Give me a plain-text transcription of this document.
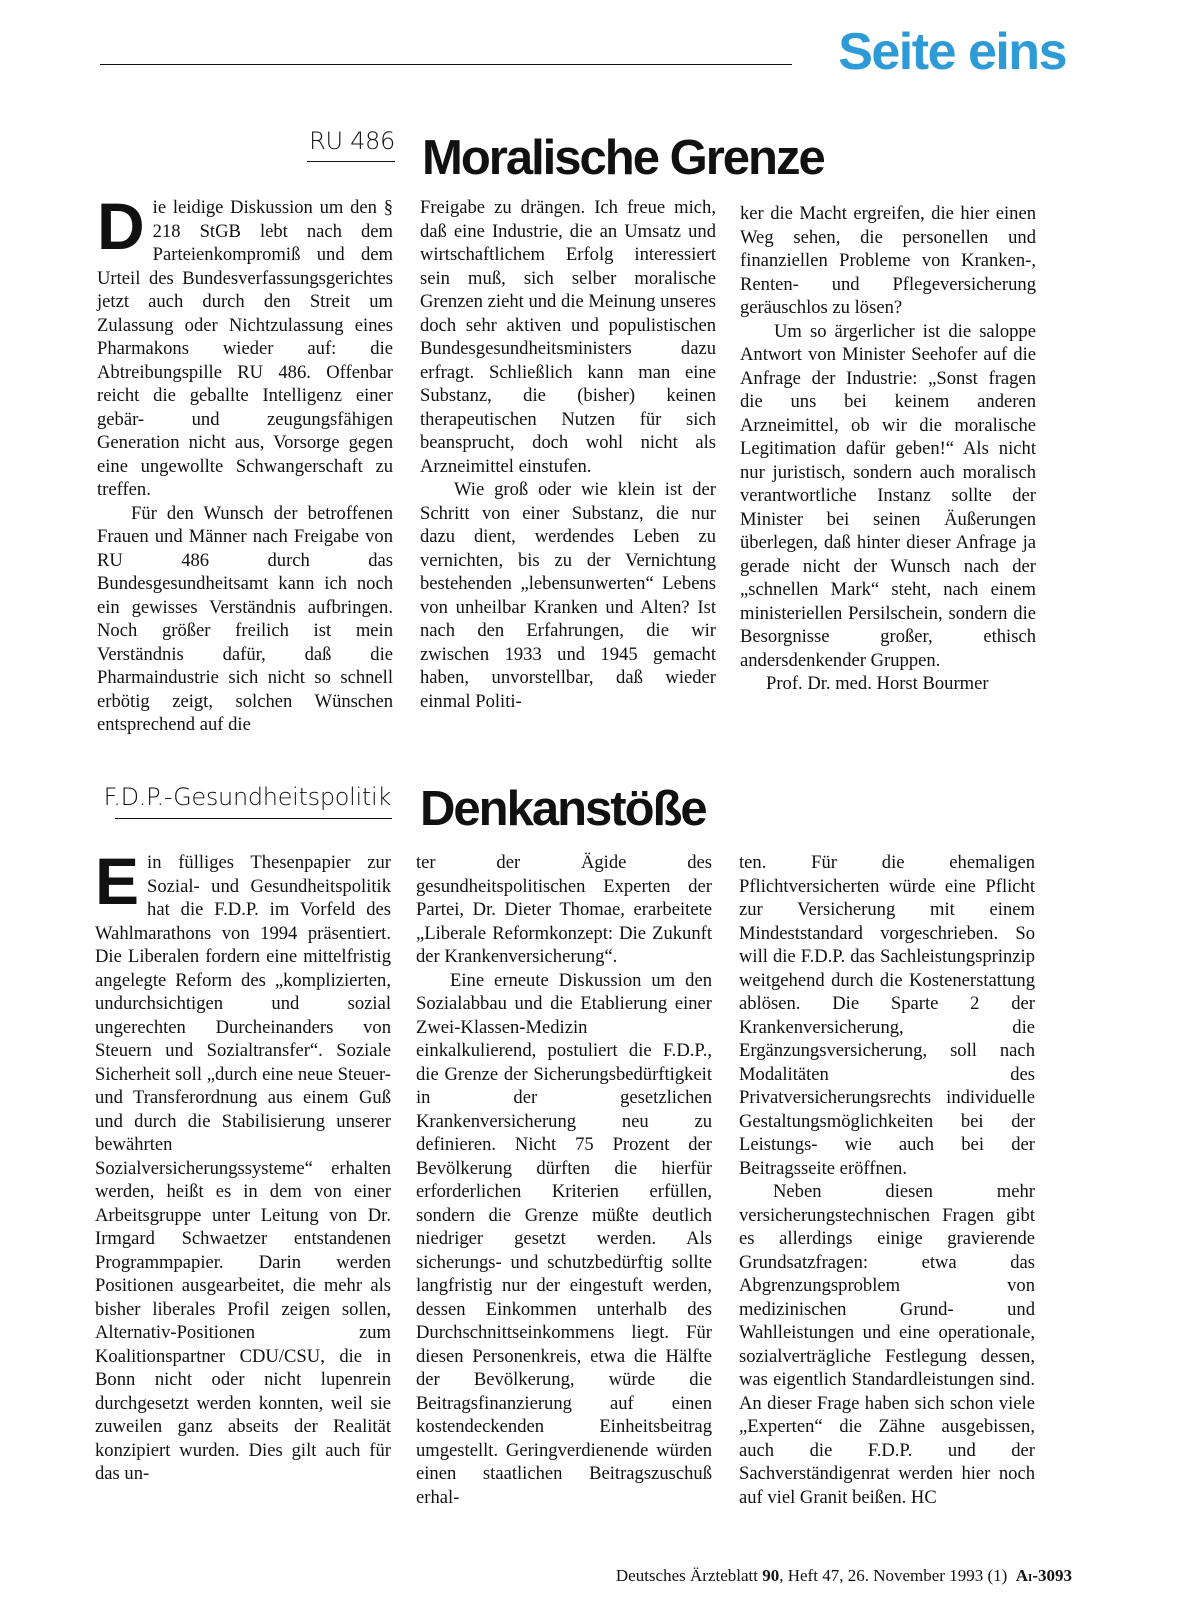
Seite eins
RU 486 Moralische Grenze

Die leidige Diskussion um den § 218 StGB lebt nach dem Parteienkompromiß und dem Urteil des Bundesverfassungsgerichtes jetzt auch durch den Streit um Zulassung oder Nichtzulassung eines Pharmakons wieder auf: die Abtreibungspille RU 486. Offenbar reicht die geballte Intelligenz einer gebär- und zeugungsfähigen Generation nicht aus, Vorsorge gegen eine ungewollte Schwangerschaft zu treffen.

Für den Wunsch der betroffenen Frauen und Männer nach Freigabe von RU 486 durch das Bundesgesundheitsamt kann ich noch ein gewisses Verständnis aufbringen. Noch größer freilich ist mein Verständnis dafür, daß die Pharmaindustrie sich nicht so schnell erbötig zeigt, solchen Wünschen entsprechend auf die

Freigabe zu drängen. Ich freue mich, daß eine Industrie, die an Umsatz und wirtschaftlichem Erfolg interessiert sein muß, sich selber moralische Grenzen zieht und die Meinung unseres doch sehr aktiven und populistischen Bundesgesundheitsministers dazu erfragt. Schließlich kann man eine Substanz, die (bisher) keinen therapeutischen Nutzen für sich beansprucht, doch wohl nicht als Arzneimittel einstufen.

Wie groß oder wie klein ist der Schritt von einer Substanz, die nur dazu dient, werdendes Leben zu vernichten, bis zu der Vernichtung bestehenden „lebensunwerten“ Lebens von unheilbar Kranken und Alten? Ist nach den Erfahrungen, die wir zwischen 1933 und 1945 gemacht haben, unvorstellbar, daß wieder einmal Politi-

ker die Macht ergreifen, die hier einen Weg sehen, die personellen und finanziellen Probleme von Kranken-, Renten- und Pflegeversicherung geräuschlos zu lösen?

Um so ärgerlicher ist die saloppe Antwort von Minister Seehofer auf die Anfrage der Industrie: „Sonst fragen die uns bei keinem anderen Arzneimittel, ob wir die moralische Legitimation dafür geben!“ Als nicht nur juristisch, sondern auch moralisch verantwortliche Instanz sollte der Minister bei seinen Äußerungen überlegen, daß hinter dieser Anfrage ja gerade nicht der Wunsch nach der „schnellen Mark“ steht, nach einem ministeriellen Persilschein, sondern die Besorgnisse großer, ethisch andersdenkender Gruppen.

Prof. Dr. med. Horst Bourmer

F.D.P.-Gesundheitspolitik Denkanstöße

Ein fülliges Thesenpapier zur Sozial- und Gesundheitspolitik hat die F.D.P. im Vorfeld des Wahlmarathons von 1994 präsentiert. Die Liberalen fordern eine mittelfristig angelegte Reform des „komplizierten, undurchsichtigen und sozial ungerechten Durcheinanders von Steuern und Sozialtransfer“. Soziale Sicherheit soll „durch eine neue Steuer- und Transferordnung aus einem Guß und durch die Stabilisierung unserer bewährten Sozialversicherungssysteme“ erhalten werden, heißt es in dem von einer Arbeitsgruppe unter Leitung von Dr. Irmgard Schwaetzer entstandenen Programmpapier. Darin werden Positionen ausgearbeitet, die mehr als bisher liberales Profil zeigen sollen, Alternativ-Positionen zum Koalitionspartner CDU/CSU, die in Bonn nicht oder nicht lupenrein durchgesetzt werden konnten, weil sie zuweilen ganz abseits der Realität konzipiert wurden. Dies gilt auch für das un-

ter der Ägide des gesundheitspolitischen Experten der Partei, Dr. Dieter Thomae, erarbeitete „Liberale Reformkonzept: Die Zukunft der Krankenversicherung“.

Eine erneute Diskussion um den Sozialabbau und die Etablierung einer Zwei-Klassen-Medizin einkalkulierend, postuliert die F.D.P., die Grenze der Sicherungsbedürftigkeit in der gesetzlichen Krankenversicherung neu zu definieren. Nicht 75 Prozent der Bevölkerung dürften die hierfür erforderlichen Kriterien erfüllen, sondern die Grenze müßte deutlich niedriger gesetzt werden. Als sicherungs- und schutzbedürftig sollte langfristig nur der eingestuft werden, dessen Einkommen unterhalb des Durchschnittseinkommens liegt. Für diesen Personenkreis, etwa die Hälfte der Bevölkerung, würde die Beitragsfinanzierung auf einen kostendeckenden Einheitsbeitrag umgestellt. Geringverdienende würden einen staatlichen Beitragszuschuß erhal-

ten. Für die ehemaligen Pflichtversicherten würde eine Pflicht zur Versicherung mit einem Mindeststandard vorgeschrieben. So will die F.D.P. das Sachleistungsprinzip weitgehend durch die Kostenerstattung ablösen. Die Sparte 2 der Krankenversicherung, die Ergänzungsversicherung, soll nach Modalitäten des Privatversicherungsrechts individuelle Gestaltungsmöglichkeiten bei der Leistungs- wie auch bei der Beitragsseite eröffnen.

Neben diesen mehr versicherungstechnischen Fragen gibt es allerdings einige gravierende Grundsatzfragen: etwa das Abgrenzungsproblem von medizinischen Grund- und Wahlleistungen und eine operationale, sozialverträgliche Festlegung dessen, was eigentlich Standardleistungen sind. An dieser Frage haben sich schon viele „Experten“ die Zähne ausgebissen, auch die F.D.P. und der Sachverständigenrat werden hier noch auf viel Granit beißen. HC

Deutsches Ärzteblatt 90, Heft 47, 26. November 1993 (1) AI-3093
